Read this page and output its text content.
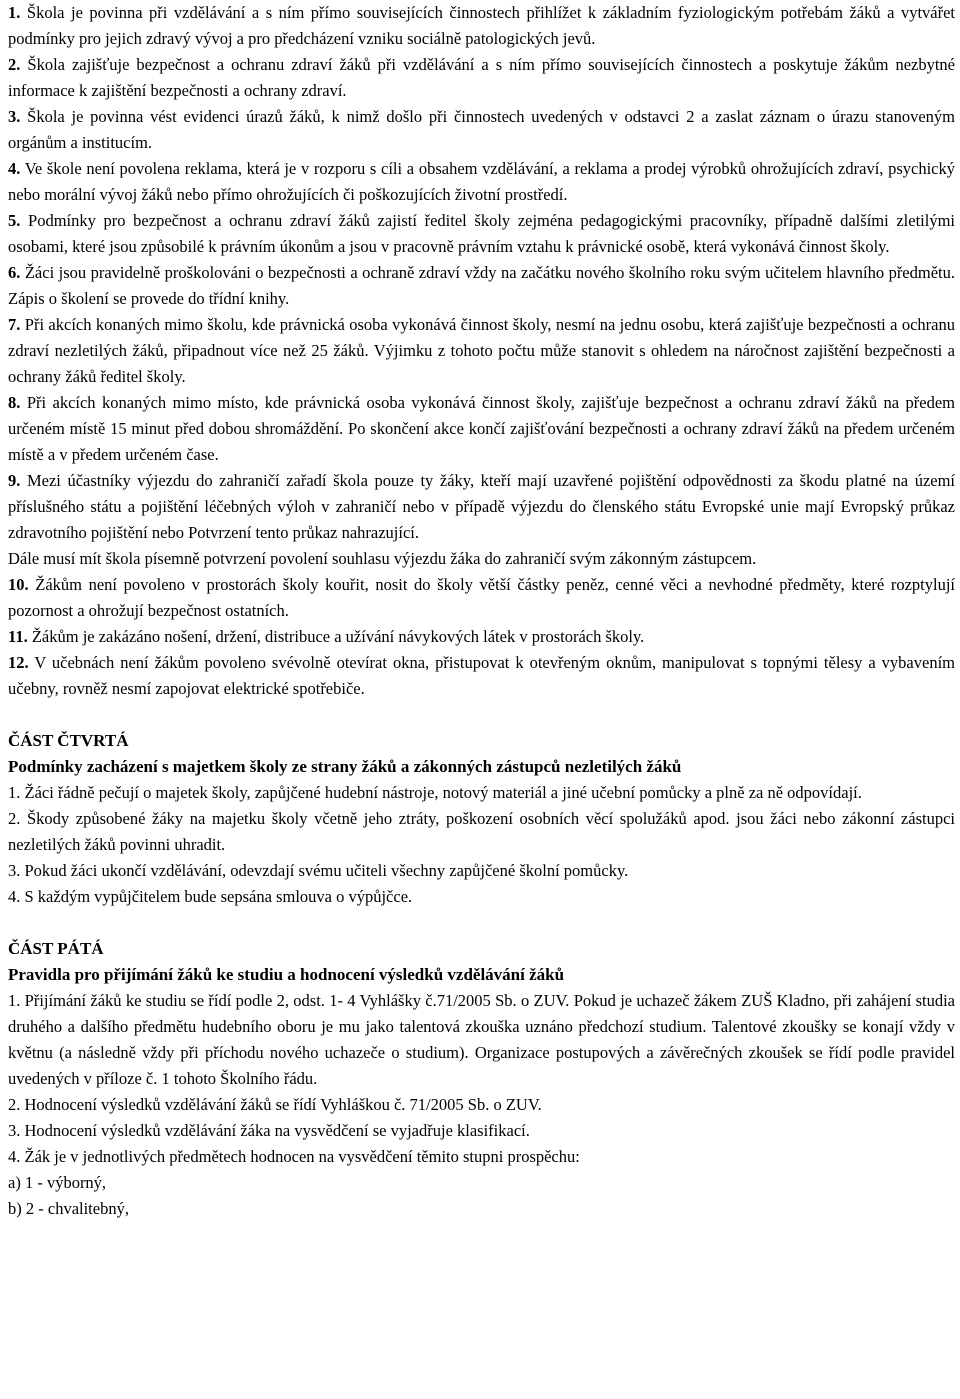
1. Škola je povinna při vzdělávání a s ním přímo souvisejících činnostech přihlížet k základním fyziologickým potřebám žáků a vytvářet podmínky pro jejich zdravý vývoj a pro předcházení vzniku sociálně patologických jevů.

2. Škola zajišťuje bezpečnost a ochranu zdraví žáků při vzdělávání a s ním přímo souvisejících činnostech a poskytuje žákům nezbytné informace k zajištění bezpečnosti a ochrany zdraví.

3. Škola je povinna vést evidenci úrazů žáků, k nimž došlo při činnostech uvedených v odstavci 2 a zaslat záznam o úrazu stanoveným orgánům a institucím.

4. Ve škole není povolena reklama, která je v rozporu s cíli a obsahem vzdělávání, a reklama a prodej výrobků ohrožujících zdraví, psychický nebo morální vývoj žáků nebo přímo ohrožujících či poškozujících životní prostředí.

5. Podmínky pro bezpečnost a ochranu zdraví žáků zajistí ředitel školy zejména pedagogickými pracovníky, případně dalšími zletilými osobami, které jsou způsobilé k právním úkonům a jsou v pracovně právním vztahu k právnické osobě, která vykonává činnost školy.

6. Žáci jsou pravidelně proškolováni o bezpečnosti a ochraně zdraví vždy na začátku nového školního roku svým učitelem hlavního předmětu. Zápis o školení se provede do třídní knihy.

7. Při akcích konaných mimo školu, kde právnická osoba vykonává činnost školy, nesmí na jednu osobu, která zajišťuje bezpečnosti a ochranu zdraví nezletilých žáků, připadnout více než 25 žáků. Výjimku z tohoto počtu může stanovit s ohledem na náročnost zajištění bezpečnosti a ochrany žáků ředitel školy.

8. Při akcích konaných mimo místo, kde právnická osoba vykonává činnost školy, zajišťuje bezpečnost a ochranu zdraví žáků na předem určeném místě 15 minut před dobou shromáždění. Po skončení akce končí zajišťování bezpečnosti a ochrany zdraví žáků na předem určeném místě a v předem určeném čase.

9. Mezi účastníky výjezdu do zahraničí zařadí škola pouze ty žáky, kteří mají uzavřené pojištění odpovědnosti za škodu platné na území příslušného státu a pojištění léčebných výloh v zahraničí nebo v případě výjezdu do členského státu Evropské unie mají Evropský průkaz zdravotního pojištění nebo Potvrzení tento průkaz nahrazující.

Dále musí mít škola písemně potvrzení povolení souhlasu výjezdu žáka do zahraničí svým zákonným zástupcem.

10. Žákům není povoleno v prostorách školy kouřit, nosit do školy větší částky peněz, cenné věci a nevhodné předměty, které rozptylují pozornost a ohrožují bezpečnost ostatních.

11. Žákům je zakázáno nošení, držení, distribuce a užívání návykových látek v prostorách školy.

12. V učebnách není žákům povoleno svévolně otevírat okna, přistupovat k otevřeným oknům, manipulovat s topnými tělesy a vybavením učebny, rovněž nesmí zapojovat elektrické spotřebiče.

ČÁST ČTVRTÁ

Podmínky zacházení s majetkem školy ze strany žáků a zákonných zástupců nezletilých žáků

1. Žáci řádně pečují o majetek školy, zapůjčené hudební nástroje, notový materiál a jiné učební pomůcky a plně za ně odpovídají.

2. Škody způsobené žáky na majetku školy včetně jeho ztráty, poškození osobních věcí spolužáků apod. jsou žáci nebo zákonní zástupci nezletilých žáků povinni uhradit.

3. Pokud žáci ukončí vzdělávání, odevzdají svému učiteli všechny zapůjčené školní pomůcky.

4. S každým vypůjčitelem bude sepsána smlouva o výpůjčce.

ČÁST PÁTÁ

Pravidla pro přijímání žáků ke studiu a hodnocení výsledků vzdělávání žáků

1. Přijímání žáků ke studiu se řídí podle 2, odst. 1- 4 Vyhlášky č.71/2005 Sb. o ZUV. Pokud je uchazeč žákem ZUŠ Kladno, při zahájení studia druhého a dalšího předmětu hudebního oboru je mu jako talentová zkouška uznáno předchozí studium. Talentové zkoušky se konají vždy v květnu (a následně vždy při příchodu nového uchazeče o studium). Organizace postupových a závěrečných zkoušek se řídí podle pravidel uvedených v příloze č. 1 tohoto Školního řádu.

2. Hodnocení výsledků vzdělávání žáků se řídí Vyhláškou č. 71/2005 Sb. o ZUV.

3. Hodnocení výsledků vzdělávání žáka na vysvědčení se vyjadřuje klasifikací.

4. Žák je v jednotlivých předmětech hodnocen na vysvědčení těmito stupni prospěchu:

a) 1 - výborný,

b) 2 - chvalitebný,
